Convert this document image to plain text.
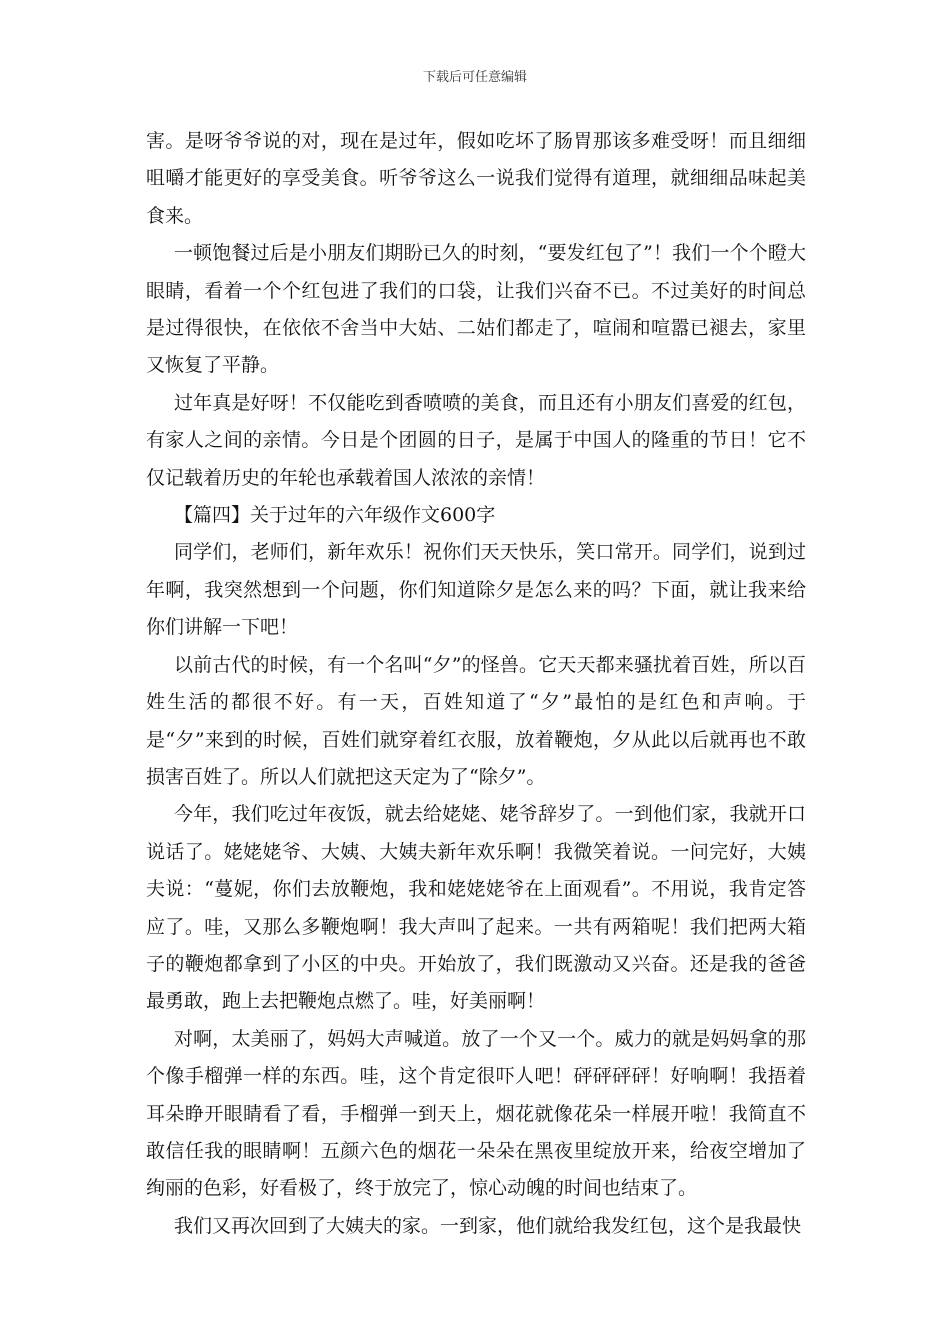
下载后可任意编辑

害。是呀爷爷说的对，现在是过年，假如吃坏了肠胃那该多难受呀！而且细细咀嚼才能更好的享受美食。听爷爷这么一说我们觉得有道理，就细细品味起美食来。

一顿饱餐过后是小朋友们期盼已久的时刻，“要发红包了”！我们一个个瞪大眼睛，看着一个个红包进了我们的口袋，让我们兴奋不已。不过美好的时间总是过得很快，在依依不舍当中大姑、二姑们都走了，喧闹和喧嚣已褪去，家里又恢复了平静。

过年真是好呀！不仅能吃到香喷喷的美食，而且还有小朋友们喜爱的红包，有家人之间的亲情。今日是个团圆的日子，是属于中国人的隆重的节日！它不仅记载着历史的年轮也承载着国人浓浓的亲情！

【篇四】关于过年的六年级作文600字

同学们，老师们，新年欢乐！祝你们天天快乐，笑口常开。同学们，说到过年啊，我突然想到一个问题，你们知道除夕是怎么来的吗？下面，就让我来给你们讲解一下吧！

以前古代的时候，有一个名叫“夕”的怪兽。它天天都来骚扰着百姓，所以百姓生活的都很不好。有一天，百姓知道了“夕”最怕的是红色和声响。于是“夕”来到的时候，百姓们就穿着红衣服，放着鞭炮，夕从此以后就再也不敢损害百姓了。所以人们就把这天定为了“除夕”。

今年，我们吃过年夜饭，就去给姥姥、姥爷辞岁了。一到他们家，我就开口说话了。姥姥姥爷、大姨、大姨夫新年欢乐啊！我微笑着说。一问完好，大姨夫说：“蔓妮，你们去放鞭炮，我和姥姥姥爷在上面观看”。不用说，我肯定答应了。哇，又那么多鞭炮啊！我大声叫了起来。一共有两箱呢！我们把两大箱子的鞭炮都拿到了小区的中央。开始放了，我们既激动又兴奋。还是我的爸爸最勇敢，跑上去把鞭炮点燃了。哇，好美丽啊！

对啊，太美丽了，妈妈大声喊道。放了一个又一个。威力的就是妈妈拿的那个像手榴弹一样的东西。哇，这个肯定很吓人吧！砰砰砰砰！好响啊！我捂着耳朵睁开眼睛看了看，手榴弹一到天上，烟花就像花朵一样展开啦！我简直不敢信任我的眼睛啊！五颜六色的烟花一朵朵在黑夜里绽放开来，给夜空增加了绚丽的色彩，好看极了，终于放完了，惊心动魄的时间也结束了。

我们又再次回到了大姨夫的家。一到家，他们就给我发红包，这个是我最快
